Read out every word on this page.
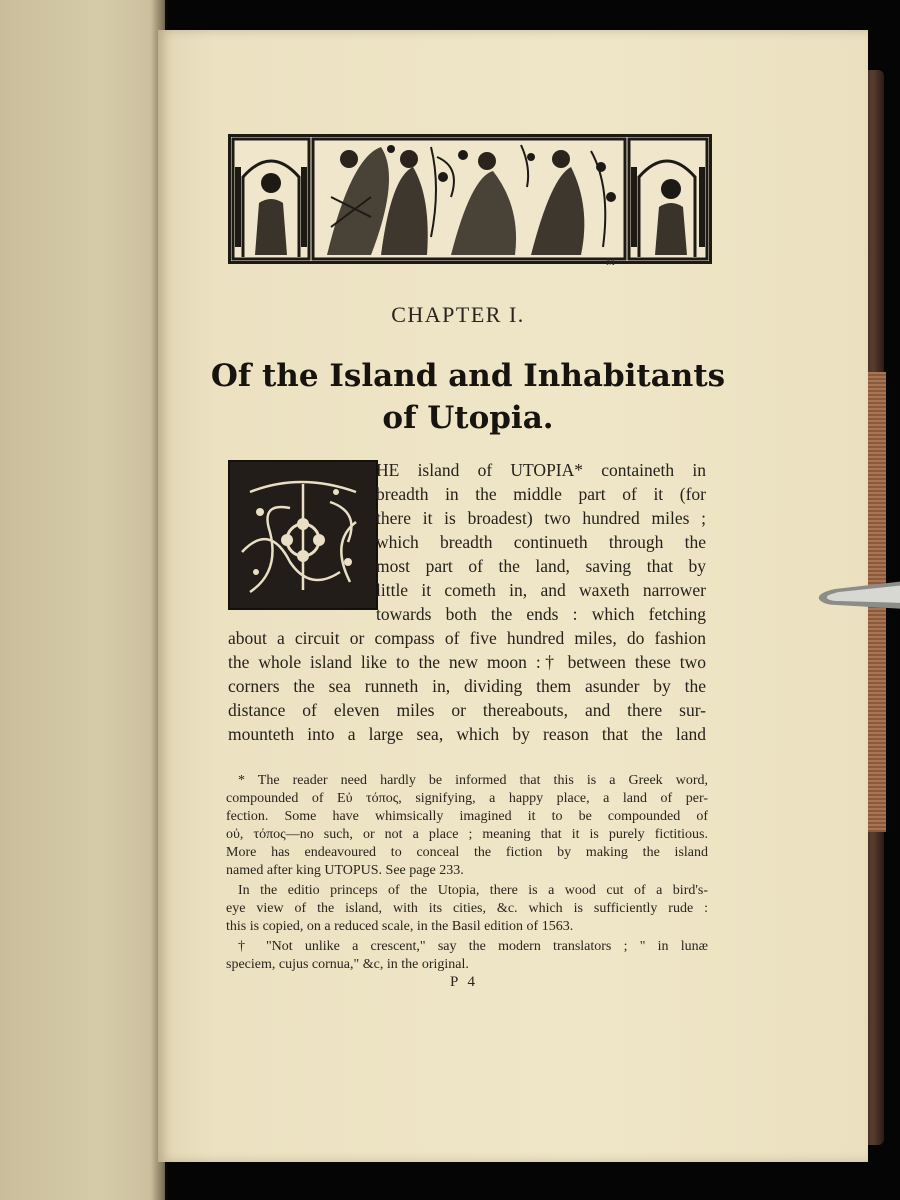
M
CHAPTER I.
Of the Island and Inhabitants
of Utopia.
HE island of UTOPIA* containeth in
breadth in the middle part of it (for
there it is broadest) two hundred miles ;
which breadth continueth through the
most part of the land, saving that by
little it cometh in, and waxeth narrower
towards both the ends : which fetching
about a circuit or compass of five hundred miles, do fashion
the whole island like to the new moon :† between these two
corners the sea runneth in, dividing them asunder by the
distance of eleven miles or thereabouts, and there sur-
mounteth into a large sea, which by reason that the land
* The reader need hardly be informed that this is a Greek word,
compounded of Εὐ τόπος, signifying, a happy place, a land of per-
fection. Some have whimsically imagined it to be compounded of
οὐ, τόπος—no such, or not a place ; meaning that it is purely fictitious.
More has endeavoured to conceal the fiction by making the island
named after king UTOPUS. See page 233.
In the editio princeps of the Utopia, there is a wood cut of a bird's-
eye view of the island, with its cities, &c. which is sufficiently rude :
this is copied, on a reduced scale, in the Basil edition of 1563.
† "Not unlike a crescent," say the modern translators ; " in lunæ
speciem, cujus cornua," &c, in the original.
P 4
